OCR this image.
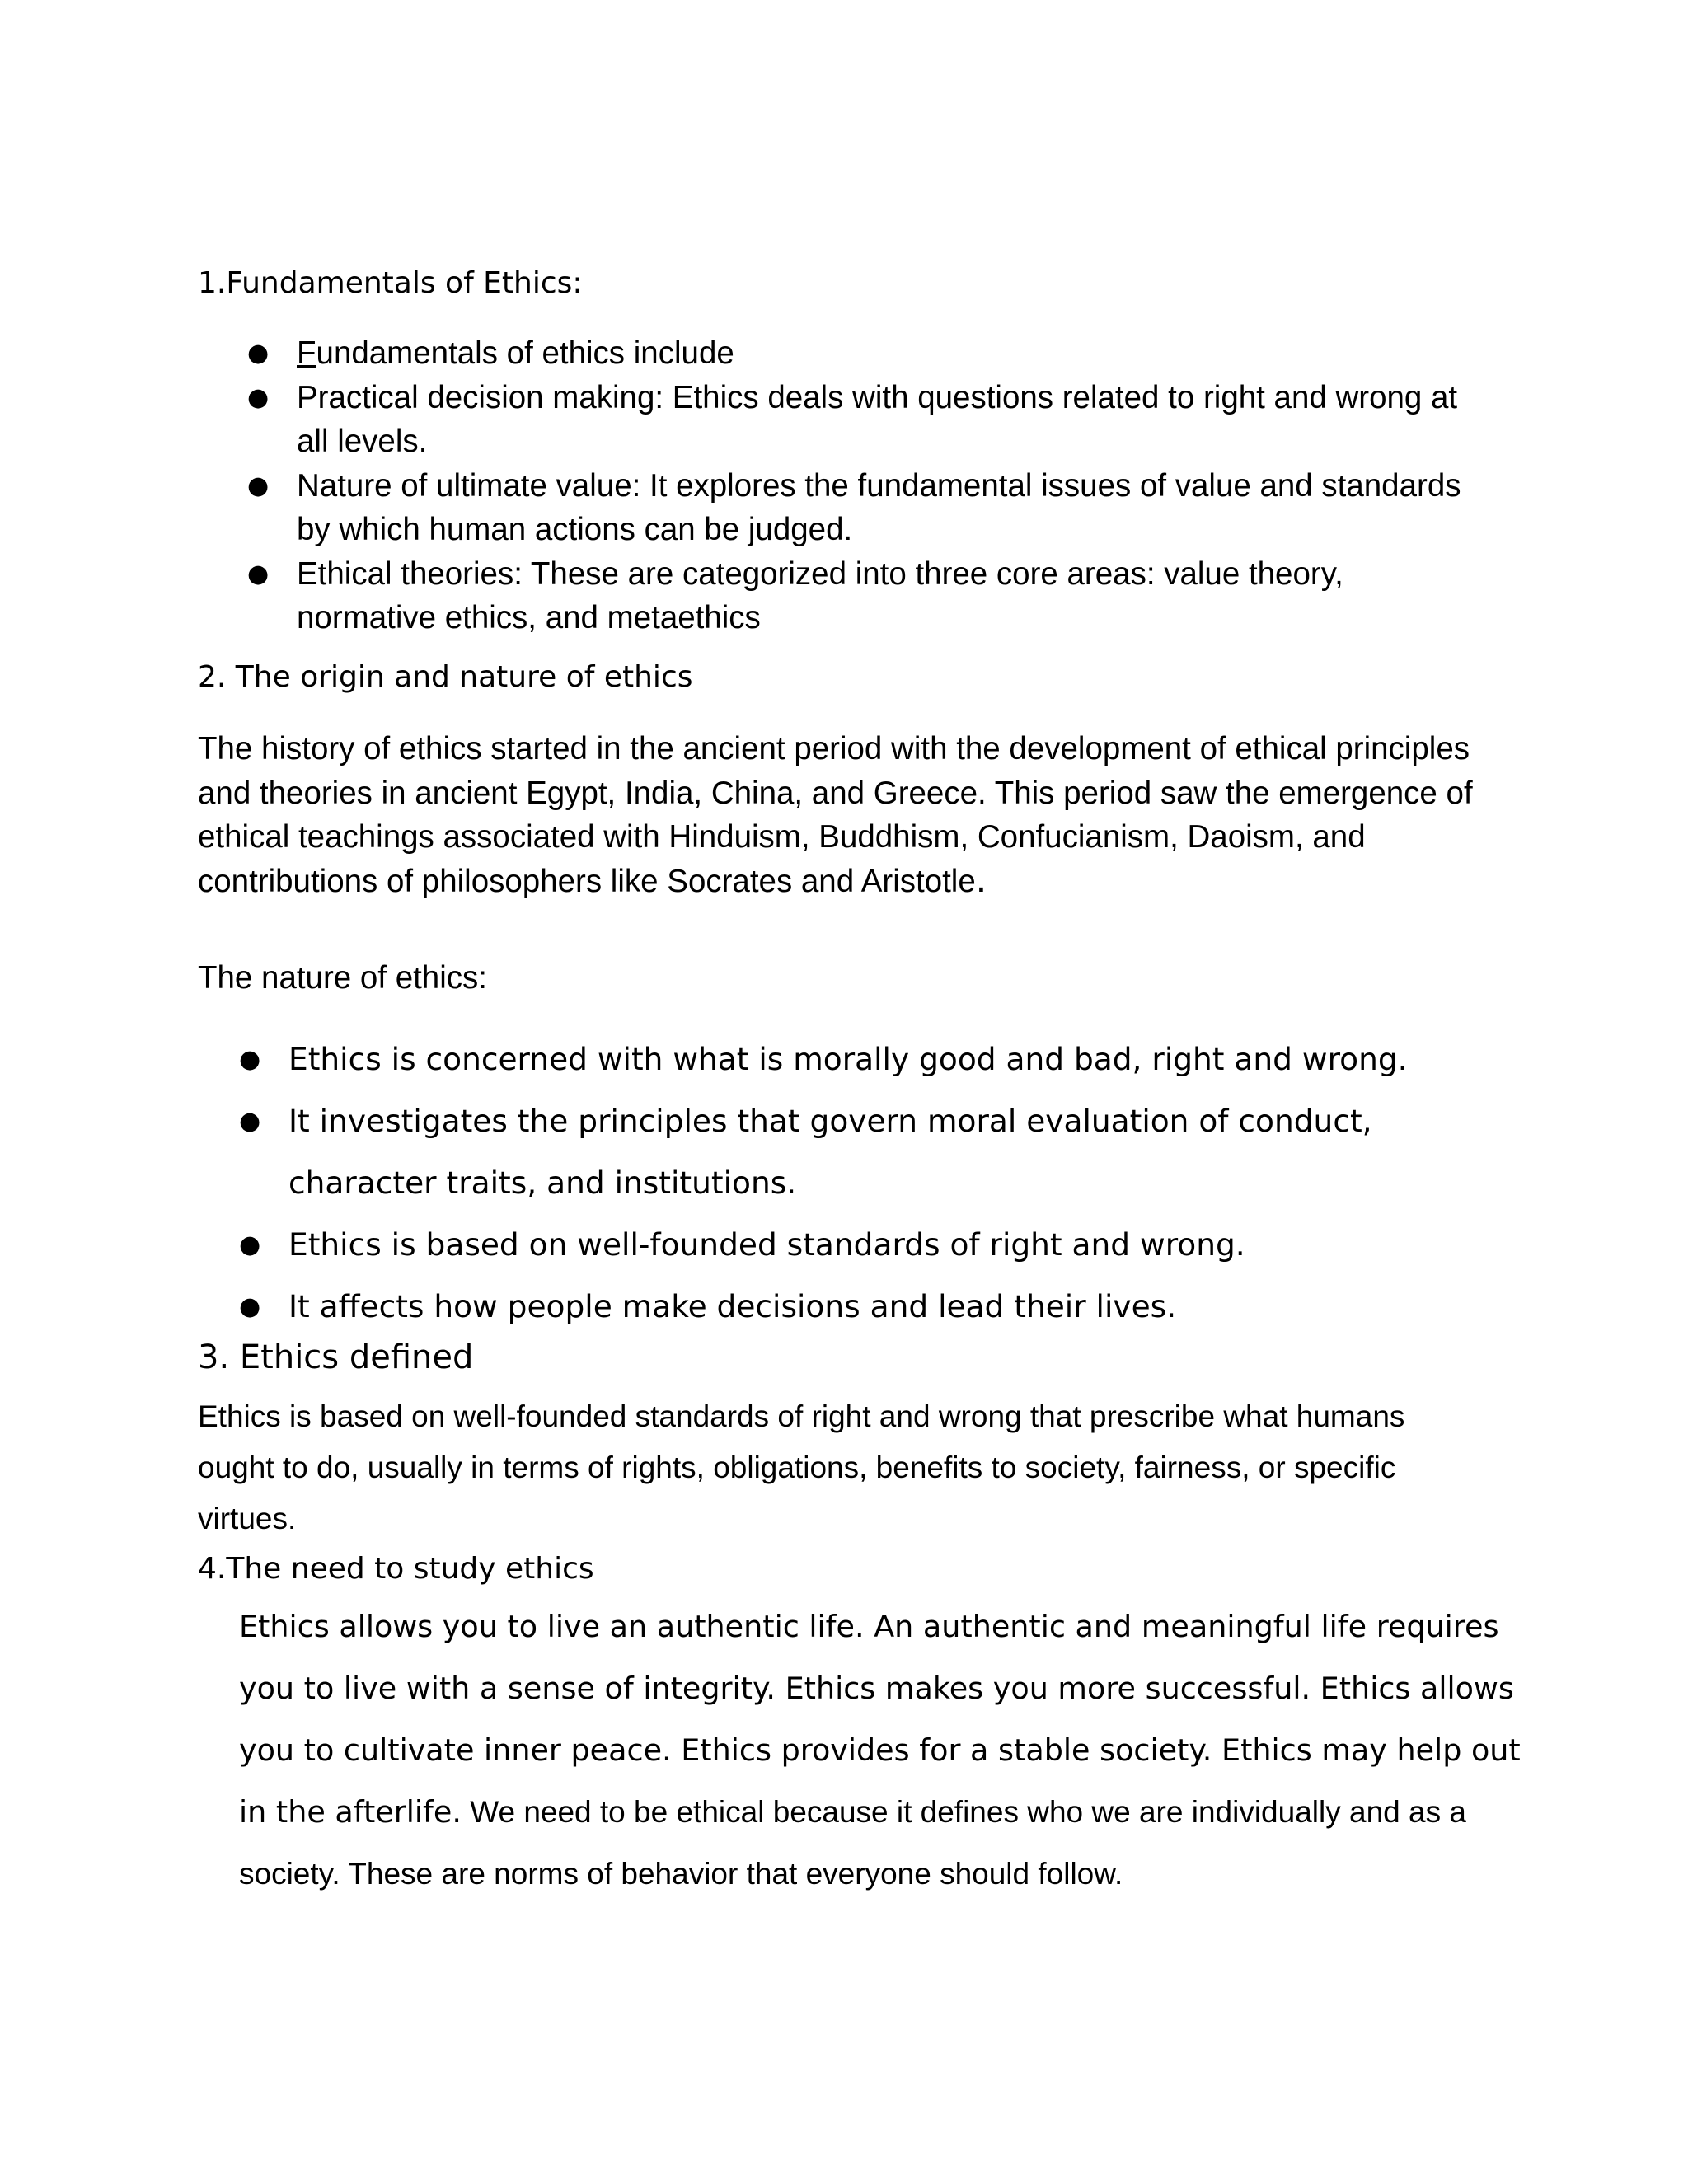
1.Fundamentals of Ethics:
● Fundamentals of ethics include
● Practical decision making: Ethics deals with questions related to right and wrong at all levels.
● Nature of ultimate value: It explores the fundamental issues of value and standards by which human actions can be judged.
● Ethical theories: These are categorized into three core areas: value theory, normative ethics, and metaethics
2. The origin and nature of ethics

The history of ethics started in the ancient period with the development of ethical principles and theories in ancient Egypt, India, China, and Greece. This period saw the emergence of ethical teachings associated with Hinduism, Buddhism, Confucianism, Daoism, and contributions of philosophers like Socrates and Aristotle.

The nature of ethics:
● Ethics is concerned with what is morally good and bad, right and wrong.
● It investigates the principles that govern moral evaluation of conduct, character traits, and institutions.
● Ethics is based on well-founded standards of right and wrong.
● It affects how people make decisions and lead their lives.
3. Ethics defined

Ethics is based on well-founded standards of right and wrong that prescribe what humans ought to do, usually in terms of rights, obligations, benefits to society, fairness, or specific virtues.

4.The need to study ethics

Ethics allows you to live an authentic life. An authentic and meaningful life requires you to live with a sense of integrity. Ethics makes you more successful. Ethics allows you to cultivate inner peace. Ethics provides for a stable society. Ethics may help out in the afterlife. We need to be ethical because it defines who we are individually and as a society. These are norms of behavior that everyone should follow.
